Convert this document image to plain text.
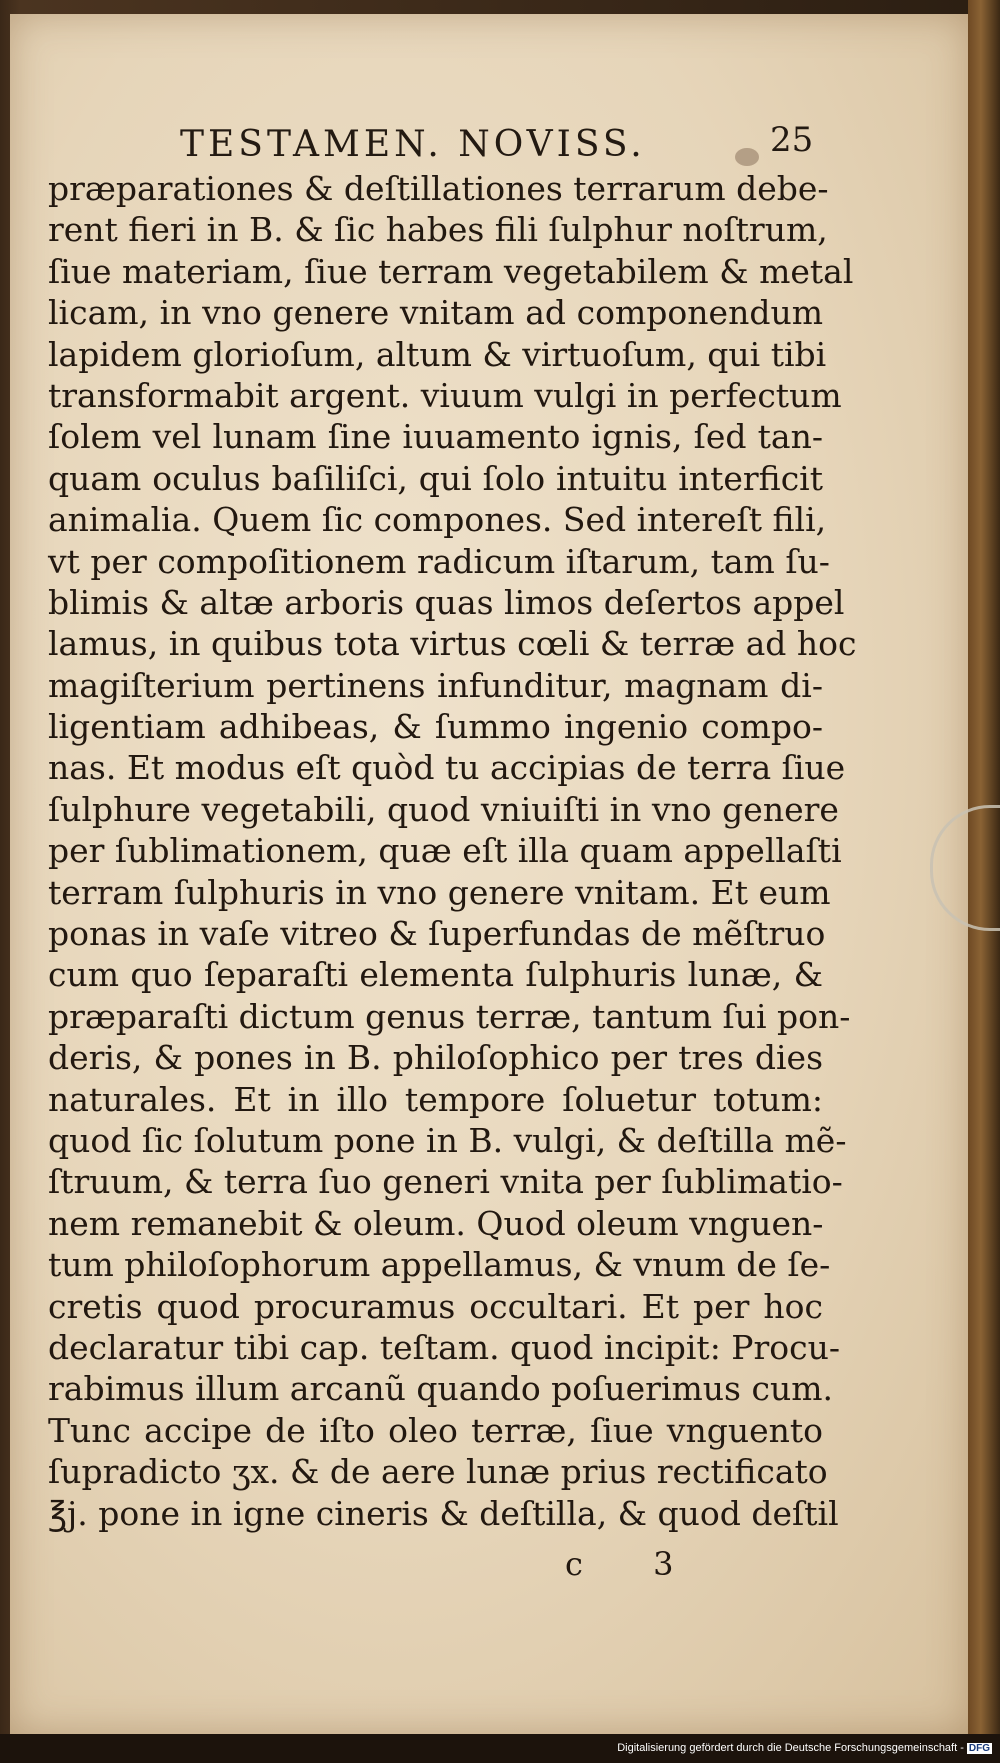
TESTAMEN. NOVISS.	25
præparationes & deſtillationes terrarum debe-
rent fieri in B. & ſic habes fili ſulphur noſtrum,
ſiue materiam, ſiue terram vegetabilem & metal
licam, in vno genere vnitam ad componendum
lapidem glorioſum, altum & virtuoſum, qui tibi
transformabit argent. viuum vulgi in perfectum
ſolem vel lunam ſine iuuamento ignis, ſed tan-
quam oculus baſiliſci, qui ſolo intuitu interficit
animalia. Quem ſic compones. Sed intereſt fili,
vt per compoſitionem radicum iſtarum, tam ſu-
blimis & altæ arboris quas limos deſertos appel
lamus, in quibus tota virtus cœli & terræ ad hoc
magiſterium pertinens infunditur, magnam di-
ligentiam adhibeas, & ſummo ingenio compo-
nas. Et modus eſt quòd tu accipias de terra ſiue
ſulphure vegetabili, quod vniuiſti in vno genere
per ſublimationem, quæ eſt illa quam appellaſti
terram ſulphuris in vno genere vnitam. Et eum
ponas in vaſe vitreo & ſuperfundas de mẽſtruo
cum quo ſeparaſti elementa ſulphuris lunæ, &
præparaſti dictum genus terræ, tantum ſui pon-
deris, & pones in B. philoſophico per tres dies
naturales. Et in illo tempore ſoluetur totum:
quod ſic ſolutum pone in B. vulgi, & deſtilla mẽ-
ſtruum, & terra ſuo generi vnita per ſublimatio-
nem remanebit & oleum. Quod oleum vnguen-
tum philoſophorum appellamus, & vnum de ſe-
cretis quod procuramus occultari. Et per hoc
declaratur tibi cap. teſtam. quod incipit: Procu-
rabimus illum arcanũ quando poſuerimus cum.
Tunc accipe de iſto oleo terræ, ſiue vnguento
ſupradicto ʒx. & de aere lunæ prius rectificato
℥j. pone in igne cineris & deſtilla, & quod deſtil
c 3
Digitalisierung gefördert durch die Deutsche Forschungsgemeinschaft - DFG
